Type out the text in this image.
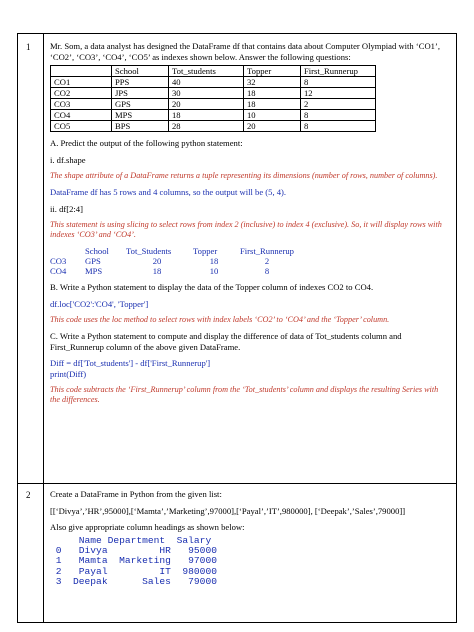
1
2

Mr. Som, a data analyst has designed the DataFrame df that contains data about Computer Olympiad with ‘CO1’, ‘CO2’, ‘CO3’, ‘CO4’, ‘CO5’ as indexes shown below. Answer the following questions:

	School	Tot_students	Topper	First_Runnerup
CO1	PPS	40	32	8
CO2	JPS	30	18	12
CO3	GPS	20	18	2
CO4	MPS	18	10	8
CO5	BPS	28	20	8

A. Predict the output of the following python statement:

i. df.shape

The shape attribute of a DataFrame returns a tuple representing its dimensions (number of rows, number of columns).

DataFrame df has 5 rows and 4 columns, so the output will be (5, 4).

ii. df[2:4]

This statement is using slicing to select rows from index 2 (inclusive) to index 4 (exclusive). So, it will display rows with indexes ‘CO3’ and ‘CO4’.

	School	Tot_Students	Topper	First_Runnerup
CO3	GPS	20	18	2
CO4	MPS	18	10	8

B. Write a Python statement to display the data of the Topper column of indexes CO2 to CO4.

df.loc['CO2':'CO4', 'Topper']

This code uses the loc method to select rows with index labels ‘CO2’ to ‘CO4’ and the ‘Topper’ column.

C. Write a Python statement to compute and display the difference of data of Tot_students column and First_Runnerup column of the above given DataFrame.

Diff = df['Tot_students'] - df['First_Runnerup']

print(Diff)

This code subtracts the ‘First_Runnerup’ column from the ‘Tot_students’ column and displays the resulting Series with the differences.

Create a DataFrame in Python from the given list:

[[‘Divya’,’HR’,95000],[‘Mamta’,’Marketing’,97000],[‘Payal’,’IT’,980000], [‘Deepak’,’Sales’,79000]]

Also give appropriate column headings as shown below:

Name Department  Salary
0   Divya         HR   95000
1   Mamta  Marketing   97000
2   Payal         IT  980000
3  Deepak      Sales   79000
